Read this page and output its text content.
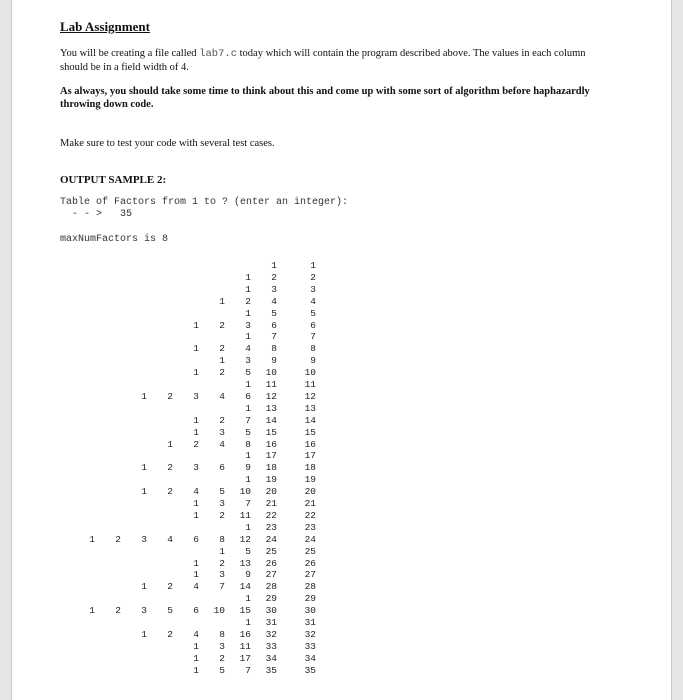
Lab Assignment
You will be creating a file called lab7.c today which will contain the program described above. The values in each column
should be in a field width of 4.
As always, you should take some time to think about this and come up with some sort of algorithm before haphazardly
throwing down code.
Make sure to test your code with several test cases.
OUTPUT SAMPLE 2:
Table of Factors from 1 to ? (enter an integer):
- - >   35
maxNumFactors is 8
1	1
1	2	2
1	3	3
1	2	4	4
1	5	5
1	2	3	6	6
1	7	7
1	2	4	8	8
1	3	9	9
1	2	5	10	10
1	11	11
1	2	3	4	6	12	12
1	13	13
1	2	7	14	14
1	3	5	15	15
1	2	4	8	16	16
1	17	17
1	2	3	6	9	18	18
1	19	19
1	2	4	5	10	20	20
1	3	7	21	21
1	2	11	22	22
1	23	23
1	2	3	4	6	8	12	24	24
1	5	25	25
1	2	13	26	26
1	3	9	27	27
1	2	4	7	14	28	28
1	29	29
1	2	3	5	6	10	15	30	30
1	31	31
1	2	4	8	16	32	32
1	3	11	33	33
1	2	17	34	34
1	5	7	35	35
